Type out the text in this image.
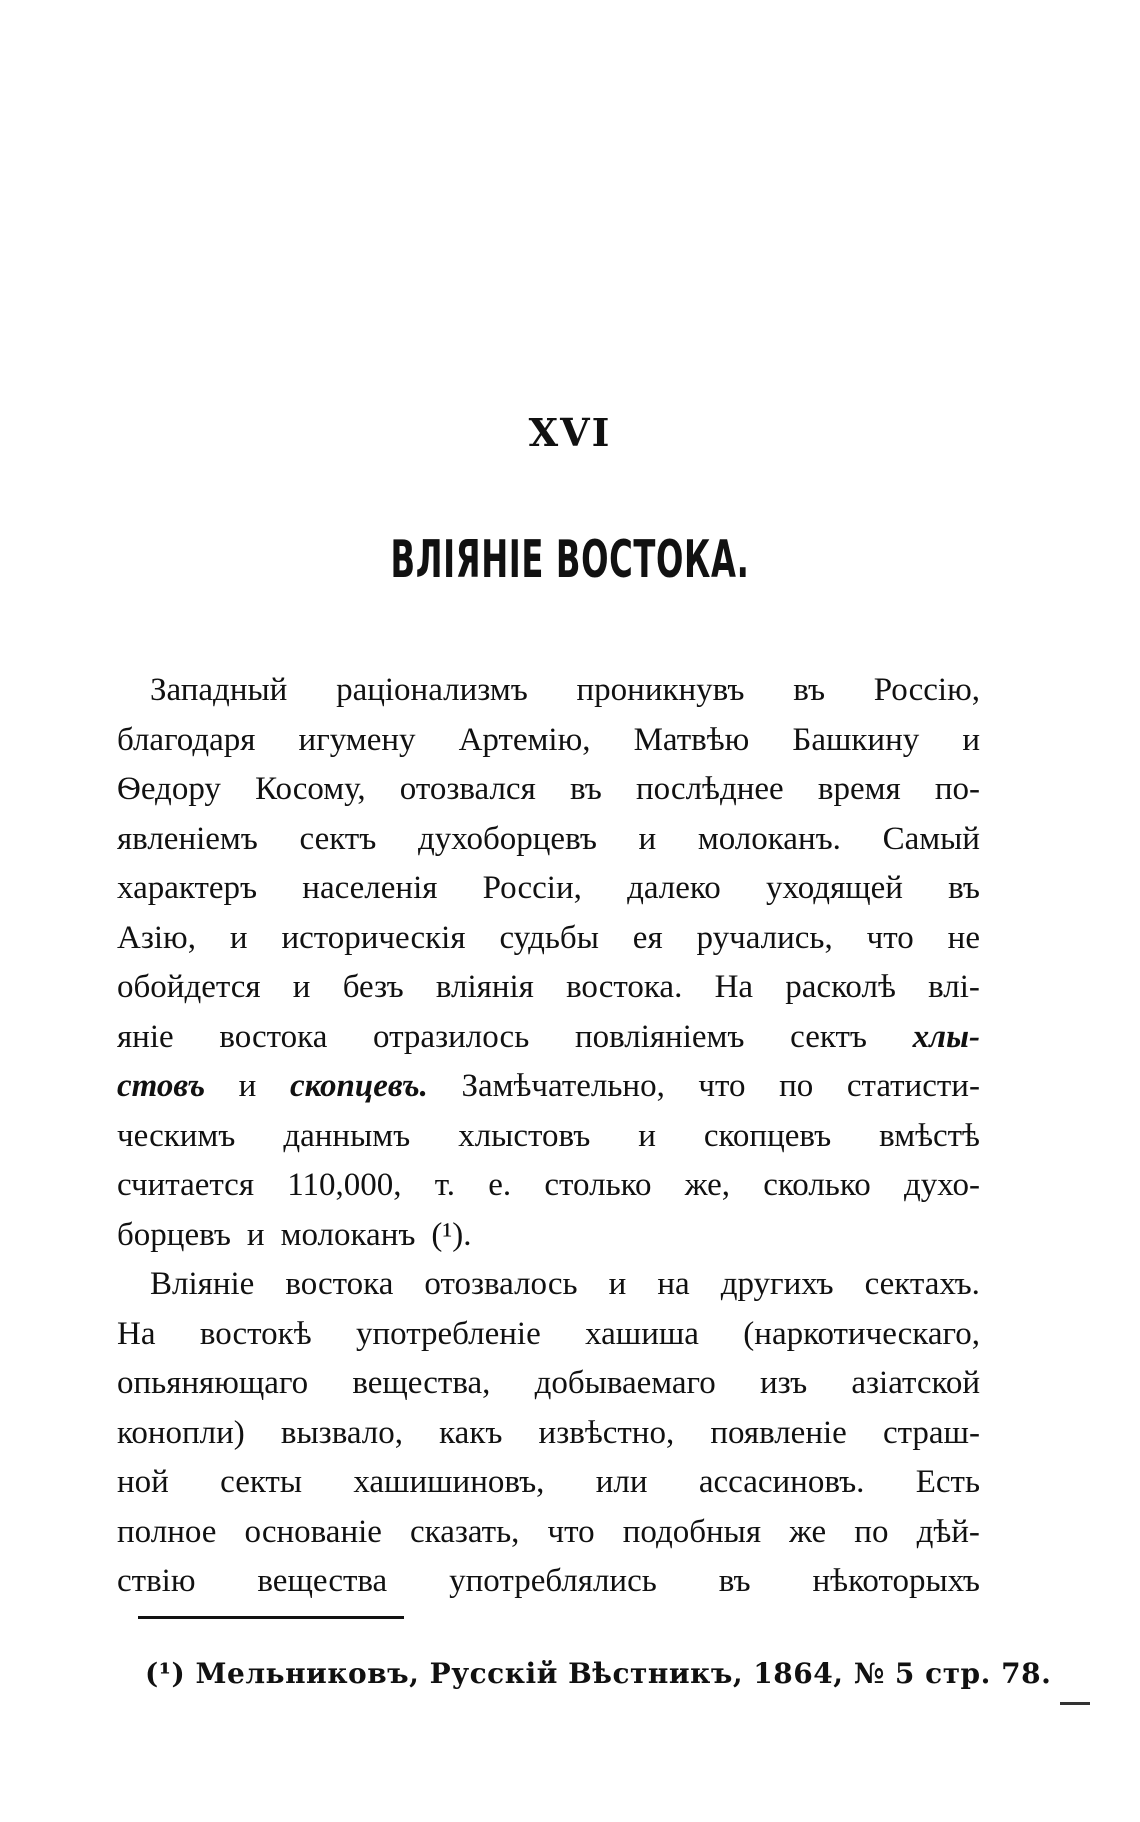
XVI
ВЛІЯНІЕ ВОСТОКА.
Западный раціонализмъ проникнувъ въ Россію,
благодаря игумену Артемію, Матвѣю Башкину и
Ѳедору Косому, отозвался въ послѣднее время по-
явленіемъ сектъ духоборцевъ и молоканъ. Самый
характеръ населенія Россіи, далеко уходящей въ
Азію, и историческія судьбы ея ручались, что не
обойдется и безъ вліянія востока. На расколѣ влі-
яніе востока отразилось повліяніемъ сектъ хлы-
стовъ и скопцевъ. Замѣчательно, что по статисти-
ческимъ даннымъ хлыстовъ и скопцевъ вмѣстѣ
считается 110,000, т. е. столько же, сколько духо-
борцевъ и молоканъ (¹).
Вліяніе востока отозвалось и на другихъ сектахъ.
На востокѣ употребленіе хашиша (наркотическаго,
опьяняющаго вещества, добываемаго изъ азіатской
конопли) вызвало, какъ извѣстно, появленіе страш-
ной секты хашишиновъ, или ассасиновъ. Есть
полное основаніе сказать, что подобныя же по дѣй-
ствію вещества употреблялись въ нѣкоторыхъ
(¹) Мельниковъ, Русскій Вѣстникъ, 1864, № 5 стр. 78.
